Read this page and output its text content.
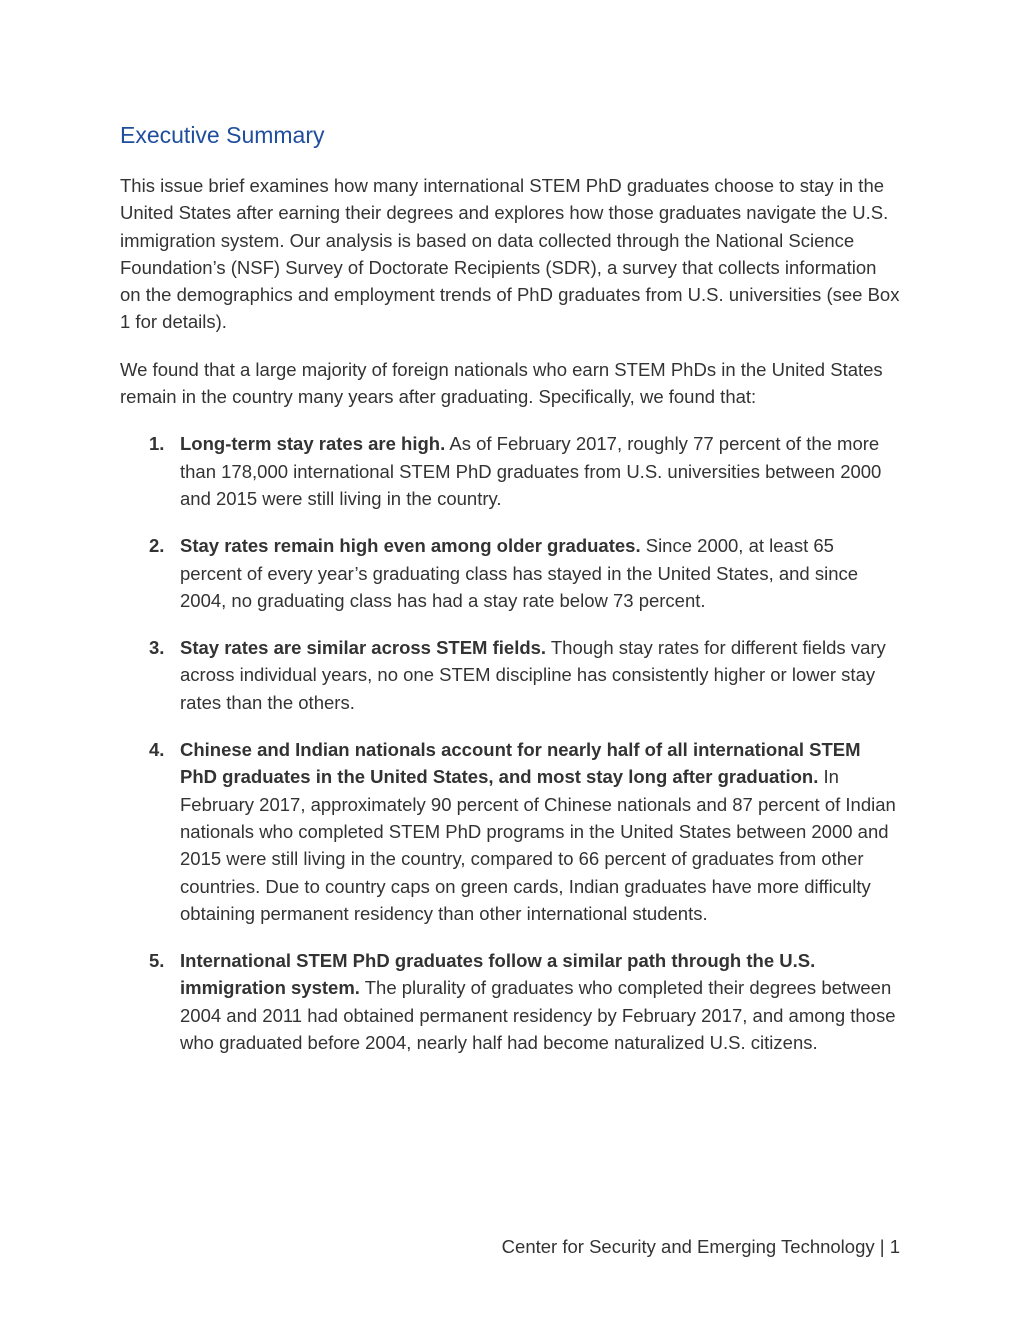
Executive Summary

This issue brief examines how many international STEM PhD graduates choose to stay in the United States after earning their degrees and explores how those graduates navigate the U.S. immigration system. Our analysis is based on data collected through the National Science Foundation’s (NSF) Survey of Doctorate Recipients (SDR), a survey that collects information on the demographics and employment trends of PhD graduates from U.S. universities (see Box 1 for details).

We found that a large majority of foreign nationals who earn STEM PhDs in the United States remain in the country many years after graduating. Specifically, we found that:

1. Long-term stay rates are high. As of February 2017, roughly 77 percent of the more than 178,000 international STEM PhD graduates from U.S. universities between 2000 and 2015 were still living in the country.
2. Stay rates remain high even among older graduates. Since 2000, at least 65 percent of every year’s graduating class has stayed in the United States, and since 2004, no graduating class has had a stay rate below 73 percent.
3. Stay rates are similar across STEM fields. Though stay rates for different fields vary across individual years, no one STEM discipline has consistently higher or lower stay rates than the others.
4. Chinese and Indian nationals account for nearly half of all international STEM PhD graduates in the United States, and most stay long after graduation. In February 2017, approximately 90 percent of Chinese nationals and 87 percent of Indian nationals who completed STEM PhD programs in the United States between 2000 and 2015 were still living in the country, compared to 66 percent of graduates from other countries. Due to country caps on green cards, Indian graduates have more difficulty obtaining permanent residency than other international students.
5. International STEM PhD graduates follow a similar path through the U.S. immigration system. The plurality of graduates who completed their degrees between 2004 and 2011 had obtained permanent residency by February 2017, and among those who graduated before 2004, nearly half had become naturalized U.S. citizens.
Center for Security and Emerging Technology | 1
